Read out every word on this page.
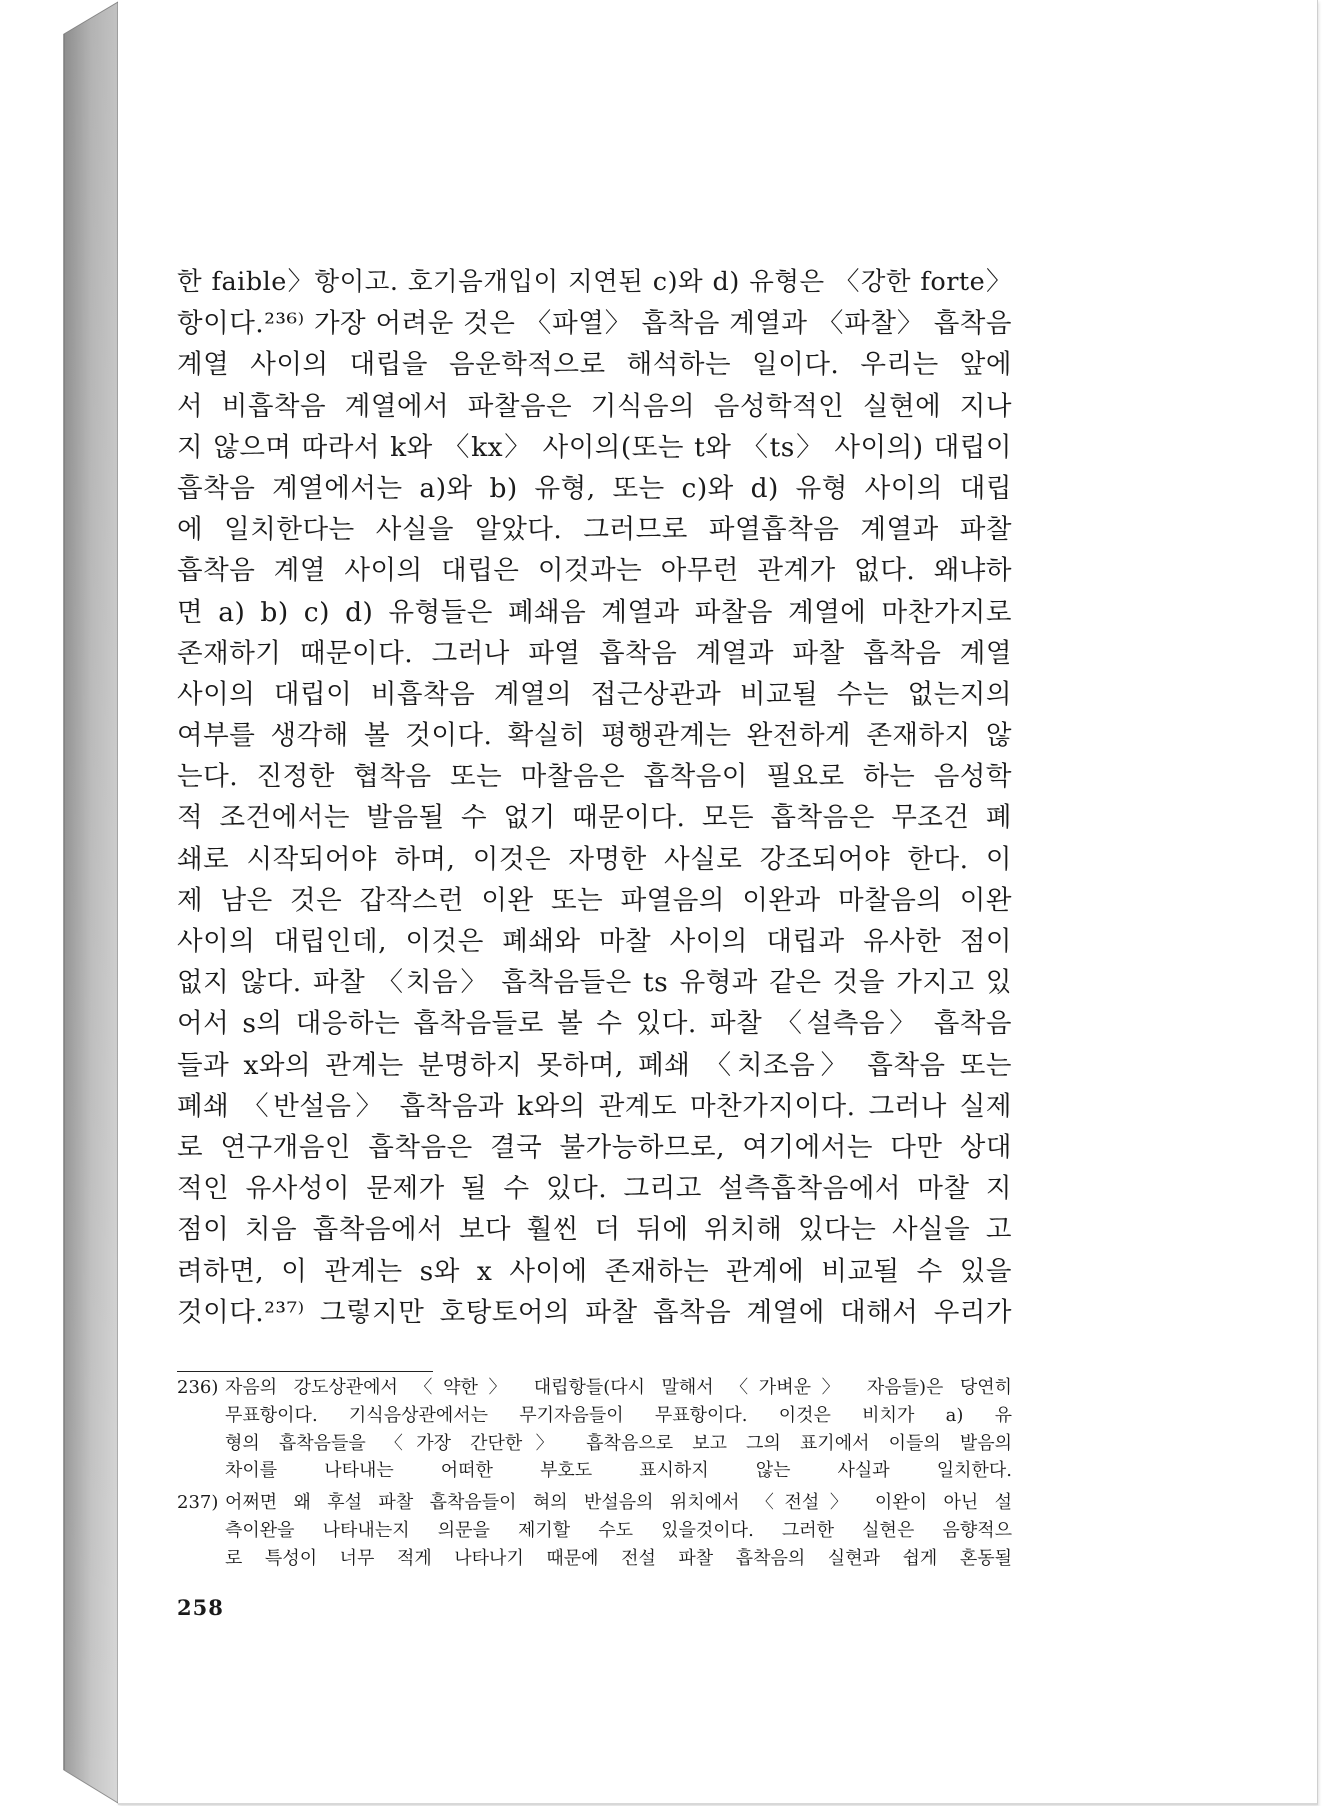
한 faible〉항이고. 호기음개입이 지연된 c)와 d) 유형은 〈강한 forte〉
항이다.²³⁶⁾ 가장 어려운 것은 〈파열〉 흡착음 계열과 〈파찰〉 흡착음
계열 사이의 대립을 음운학적으로 해석하는 일이다. 우리는 앞에
서 비흡착음 계열에서 파찰음은 기식음의 음성학적인 실현에 지나
지 않으며 따라서 k와 〈kx〉 사이의(또는 t와 〈ts〉 사이의) 대립이
흡착음 계열에서는 a)와 b) 유형, 또는 c)와 d) 유형 사이의 대립
에 일치한다는 사실을 알았다. 그러므로 파열흡착음 계열과 파찰
흡착음 계열 사이의 대립은 이것과는 아무런 관계가 없다. 왜냐하
면 a) b) c) d) 유형들은 폐쇄음 계열과 파찰음 계열에 마찬가지로
존재하기 때문이다. 그러나 파열 흡착음 계열과 파찰 흡착음 계열
사이의 대립이 비흡착음 계열의 접근상관과 비교될 수는 없는지의
여부를 생각해 볼 것이다. 확실히 평행관계는 완전하게 존재하지 않
는다. 진정한 협착음 또는 마찰음은 흡착음이 필요로 하는 음성학
적 조건에서는 발음될 수 없기 때문이다. 모든 흡착음은 무조건 폐
쇄로 시작되어야 하며, 이것은 자명한 사실로 강조되어야 한다. 이
제 남은 것은 갑작스런 이완 또는 파열음의 이완과 마찰음의 이완
사이의 대립인데, 이것은 폐쇄와 마찰 사이의 대립과 유사한 점이
없지 않다. 파찰 〈치음〉 흡착음들은 ts 유형과 같은 것을 가지고 있
어서 s의 대응하는 흡착음들로 볼 수 있다. 파찰 〈설측음〉 흡착음
들과 x와의 관계는 분명하지 못하며, 폐쇄 〈치조음〉 흡착음 또는
폐쇄 〈반설음〉 흡착음과 k와의 관계도 마찬가지이다. 그러나 실제
로 연구개음인 흡착음은 결국 불가능하므로, 여기에서는 다만 상대
적인 유사성이 문제가 될 수 있다. 그리고 설측흡착음에서 마찰 지
점이 치음 흡착음에서 보다 훨씬 더 뒤에 위치해 있다는 사실을 고
려하면, 이 관계는 s와 x 사이에 존재하는 관계에 비교될 수 있을
것이다.²³⁷⁾ 그렇지만 호탕토어의 파찰 흡착음 계열에 대해서 우리가
236) 자음의 강도상관에서 〈약한〉 대립항들(다시 말해서 〈가벼운〉 자음들)은 당연히
무표항이다. 기식음상관에서는 무기자음들이 무표항이다. 이것은 비치가 a) 유
형의 흡착음들을 〈가장 간단한〉 흡착음으로 보고 그의 표기에서 이들의 발음의
차이를 나타내는 어떠한 부호도 표시하지 않는 사실과 일치한다.
237) 어쩌면 왜 후설 파찰 흡착음들이 혀의 반설음의 위치에서 〈전설〉 이완이 아닌 설
측이완을 나타내는지 의문을 제기할 수도 있을것이다. 그러한 실현은 음향적으
로 특성이 너무 적게 나타나기 때문에 전설 파찰 흡착음의 실현과 쉽게 혼동될
258
